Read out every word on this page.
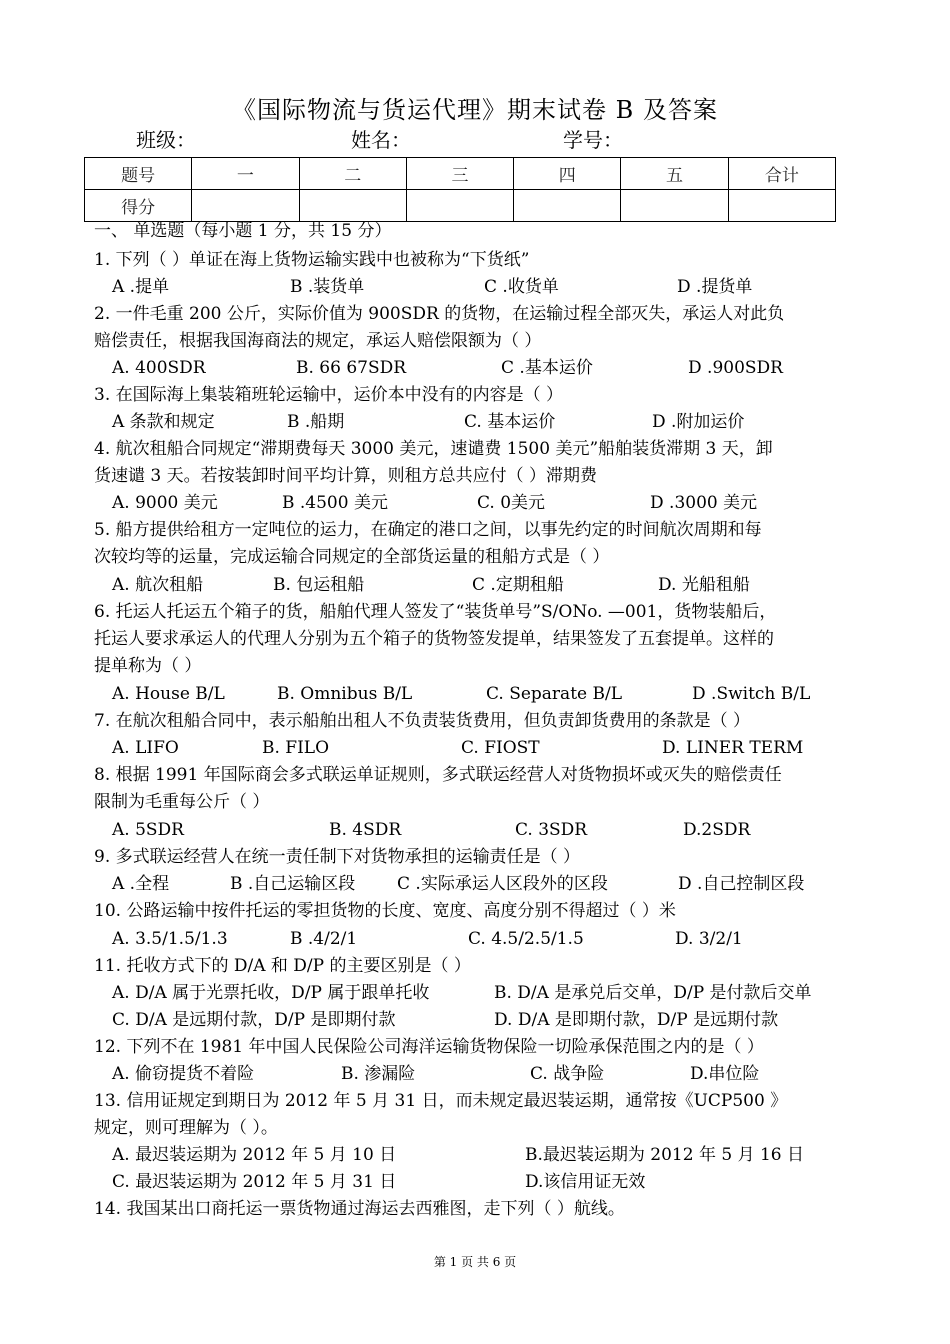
《国际物流与货运代理》期末试卷 B 及答案
班级：	姓名：	学号：
题号	一	二	三	四	五	合计
得分						
一、 单选题（每小题 1 分，共 15 分）
1. 下列（ ）单证在海上货物运输实践中也被称为“下货纸”
A .提单	B .装货单	C .收货单	D .提货单
2. 一件毛重 200 公斤，实际价值为 900SDR 的货物，在运输过程全部灭失，承运人对此负
赔偿责任，根据我国海商法的规定，承运人赔偿限额为（ ）
A. 400SDR	B. 66 67SDR	C .基本运价	D .900SDR
3. 在国际海上集装箱班轮运输中，运价本中没有的内容是（ ）
A 条款和规定	B .船期	C. 基本运价	D .附加运价
4. 航次租船合同规定“滞期费每天 3000 美元，速谴费 1500 美元”船舶装货滞期 3 天，卸
货速谴 3 天。若按装卸时间平均计算，则租方总共应付（ ）滞期费
A. 9000 美元	B .4500 美元	C. 0美元	D .3000 美元
5. 船方提供给租方一定吨位的运力，在确定的港口之间，以事先约定的时间航次周期和每
次较均等的运量，完成运输合同规定的全部货运量的租船方式是（ ）
A. 航次租船	B. 包运租船	C .定期租船	D. 光船租船
6. 托运人托运五个箱子的货，船舶代理人签发了“装货单号”S/ONo. —001，货物装船后，
托运人要求承运人的代理人分别为五个箱子的货物签发提单，结果签发了五套提单。这样的
提单称为（ ）
A. House B/L	B. Omnibus B/L	C. Separate B/L	D .Switch B/L
7. 在航次租船合同中，表示船舶出租人不负责装货费用，但负责卸货费用的条款是（ ）
A. LIFO	B. FILO	C. FIOST	D. LINER TERM
8. 根据 1991 年国际商会多式联运单证规则，多式联运经营人对货物损坏或灭失的赔偿责任
限制为毛重每公斤（ ）
A. 5SDR	B. 4SDR	C. 3SDR	D.2SDR
9. 多式联运经营人在统一责任制下对货物承担的运输责任是（ ）
A .全程	B .自己运输区段 C .实际承运人区段外的区段	D .自己控制区段
10. 公路运输中按件托运的零担货物的长度、宽度、高度分别不得超过（ ）米
A. 3.5/1.5/1.3	B .4/2/1	C. 4.5/2.5/1.5	D. 3/2/1
11. 托收方式下的 D/A 和 D/P 的主要区别是（ ）
A. D/A 属于光票托收，D/P 属于跟单托收	B. D/A 是承兑后交单，D/P 是付款后交单
C. D/A 是远期付款，D/P 是即期付款	D. D/A 是即期付款，D/P 是远期付款
12. 下列不在 1981 年中国人民保险公司海洋运输货物保险一切险承保范围之内的是（ ）
A. 偷窃提货不着险	B. 渗漏险	C. 战争险	D.串位险
13. 信用证规定到期日为 2012 年 5 月 31 日，而未规定最迟装运期，通常按《UCP500 》
规定，则可理解为（ ）。
A. 最迟装运期为 2012 年 5 月 10 日	B.最迟装运期为 2012 年 5 月 16 日
C. 最迟装运期为 2012 年 5 月 31 日	D.该信用证无效
14. 我国某出口商托运一票货物通过海运去西雅图，走下列（ ）航线。
第 1 页 共 6 页
